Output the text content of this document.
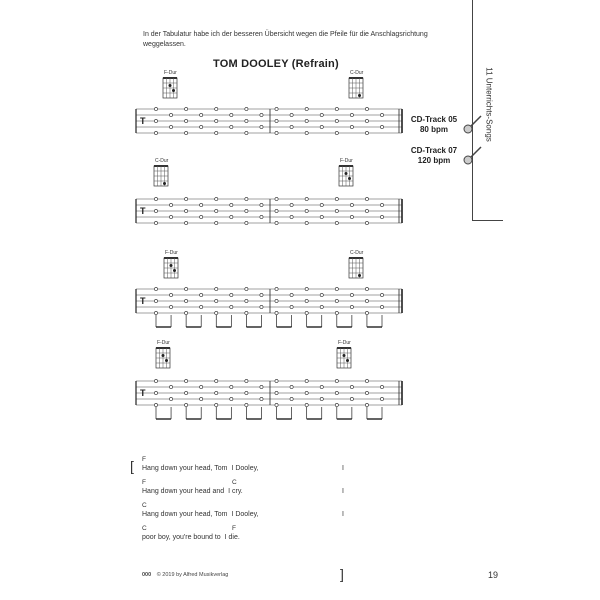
In der Tabulatur habe ich der besseren Übersicht wegen die Pfeile für die Anschlagsrichtung weggelassen.
11 Unterrichts-Songs
TOM DOOLEY (Refrain)
CD-Track 05
80 bpm
CD-Track 07
120 bpm
F-Dur	C-Dur
C-Dur	F-Dur
F-Dur	C-Dur
F-Dur	F-Dur
T
T
T
T
[
]
F
Hang down your head, Tom I Dooley,	I
F	C
Hang down your head and I cry.	I
C
Hang down your head, Tom I Dooley,	I
C	F
poor boy, you're bound to I die.
000 © 2019 by Alfred Musikverlag	19
